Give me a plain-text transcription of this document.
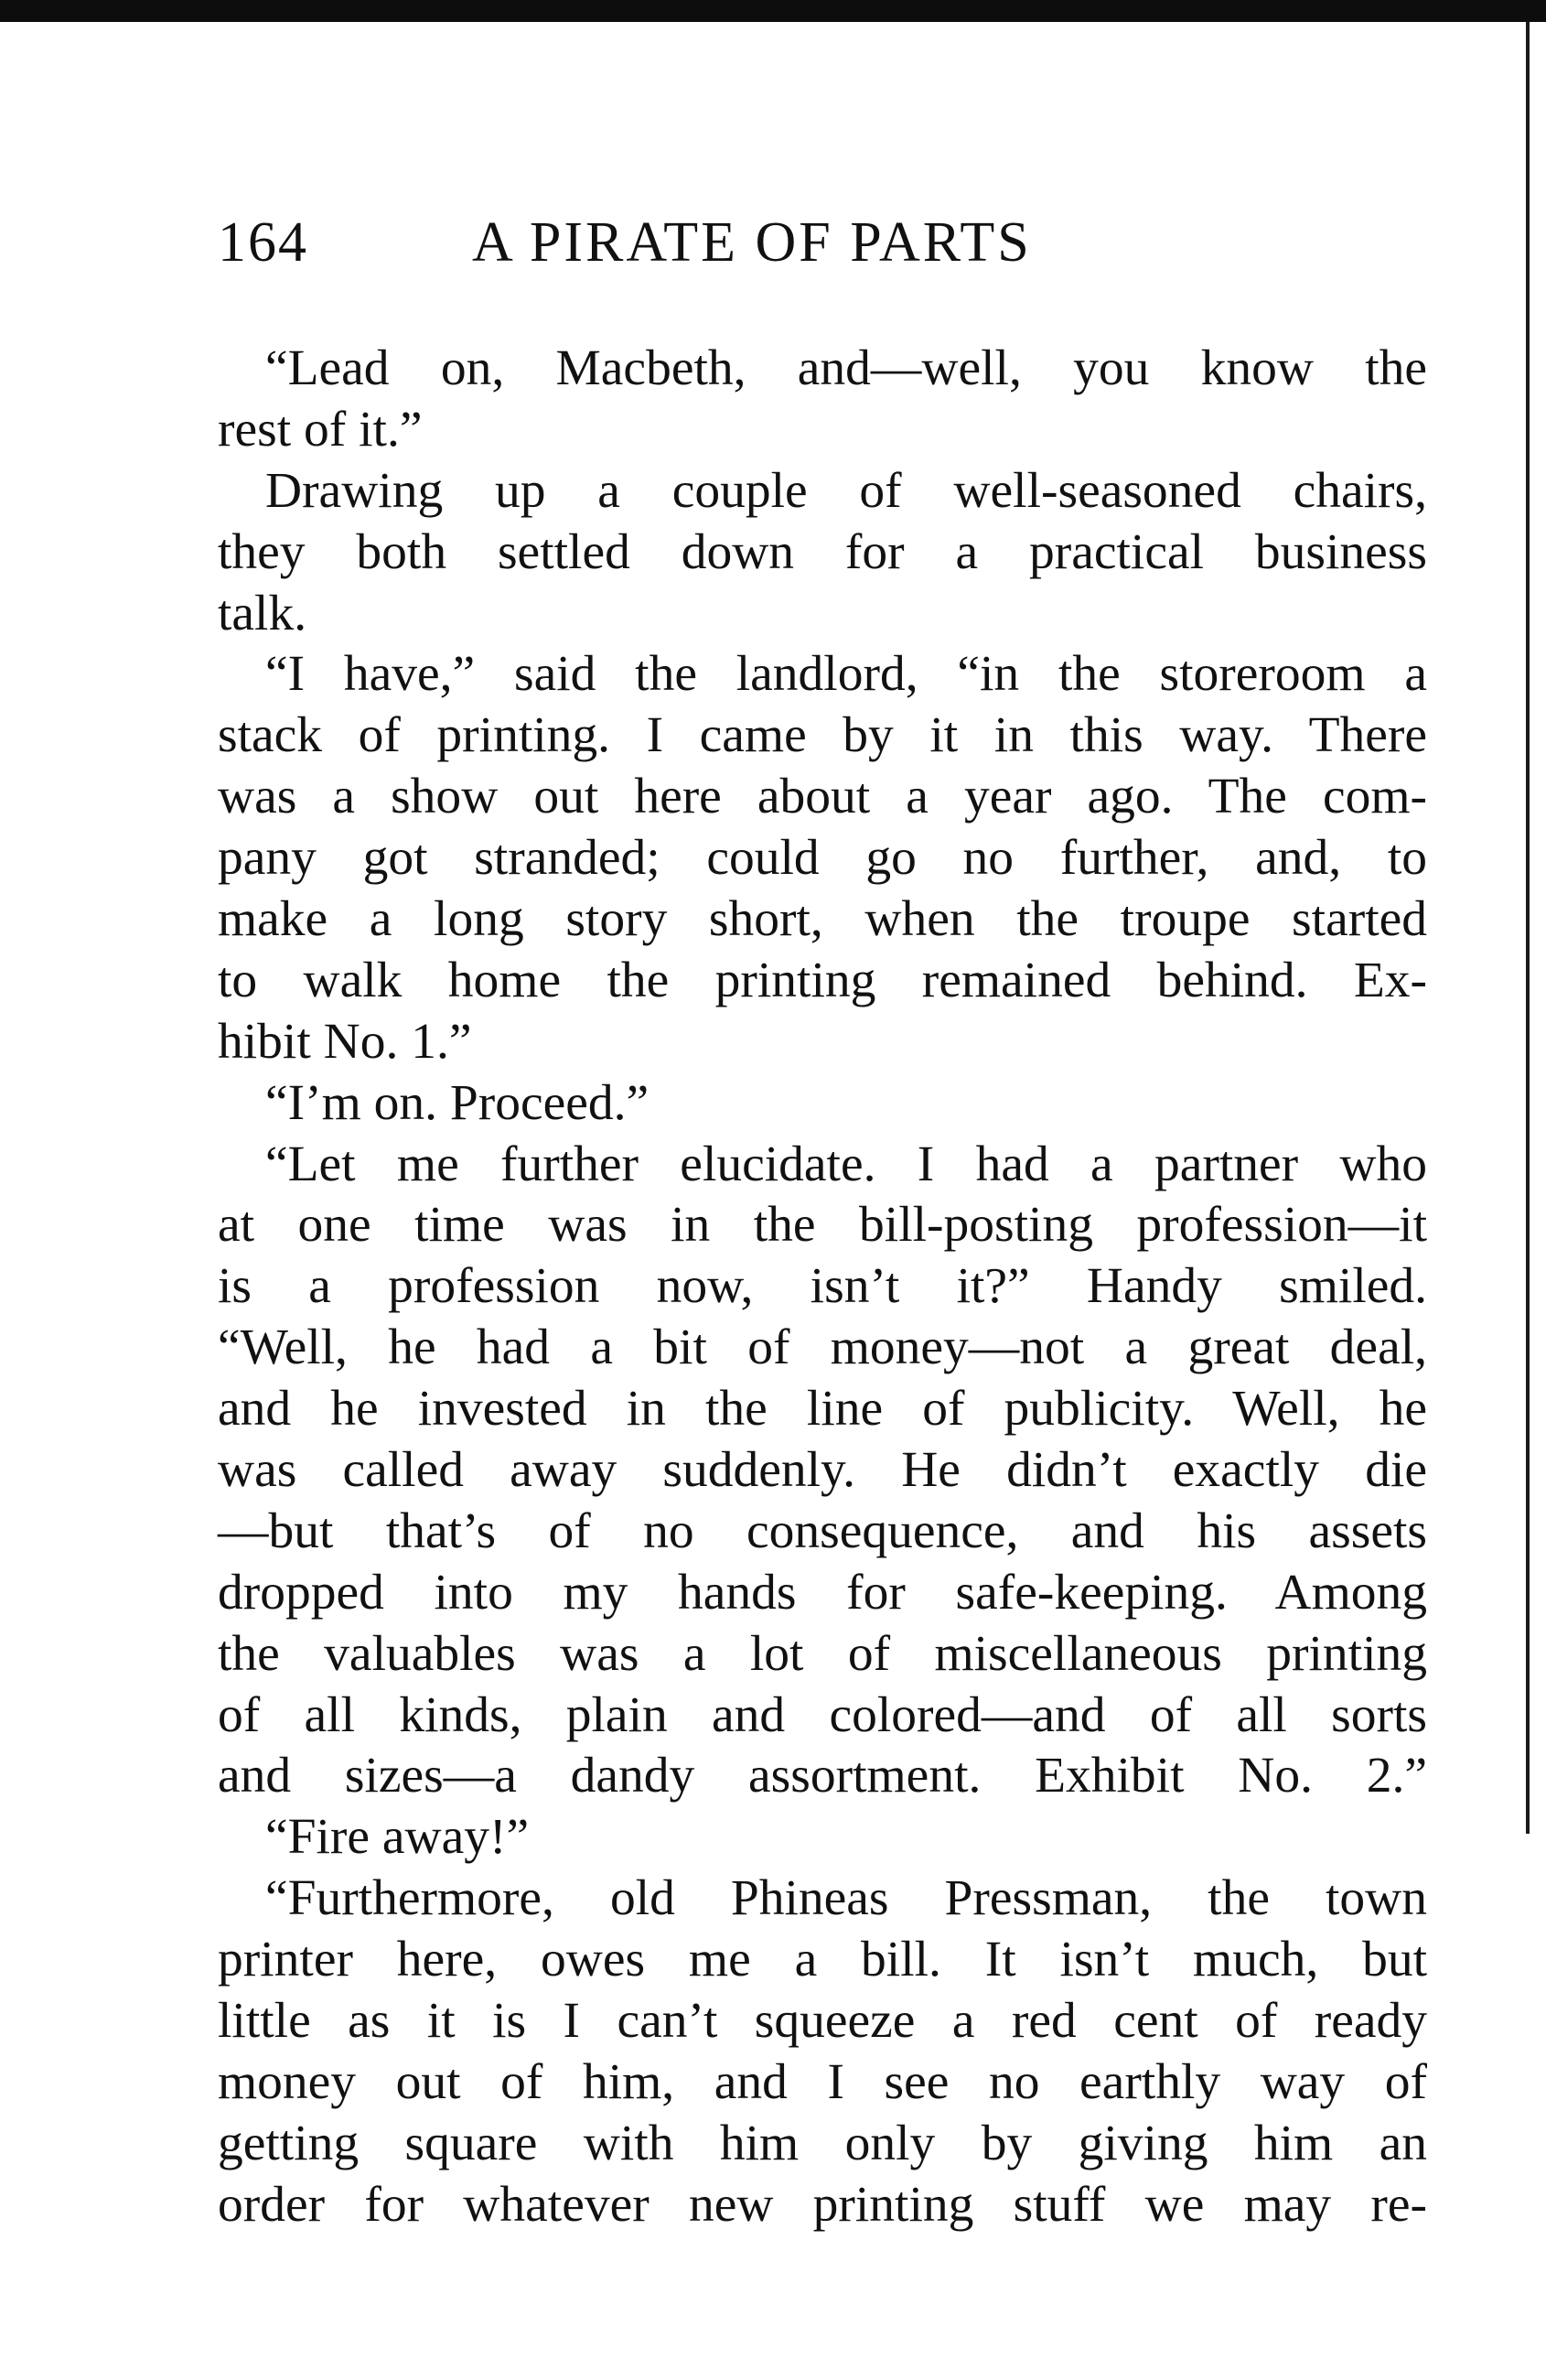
164	A PIRATE OF PARTS
“Lead on, Macbeth, and—well, you know the
rest of it.”
Drawing up a couple of well-seasoned chairs,
they both settled down for a practical business
talk.
“I have,” said the landlord, “in the storeroom a
stack of printing. I came by it in this way. There
was a show out here about a year ago. The com-
pany got stranded; could go no further, and, to
make a long story short, when the troupe started
to walk home the printing remained behind. Ex-
hibit No. 1.”
“I’m on. Proceed.”
“Let me further elucidate. I had a partner who
at one time was in the bill-posting profession—it
is a profession now, isn’t it?” Handy smiled.
“Well, he had a bit of money—not a great deal,
and he invested in the line of publicity. Well, he
was called away suddenly. He didn’t exactly die
—but that’s of no consequence, and his assets
dropped into my hands for safe-keeping. Among
the valuables was a lot of miscellaneous printing
of all kinds, plain and colored—and of all sorts
and sizes—a dandy assortment. Exhibit No. 2.”
“Fire away!”
“Furthermore, old Phineas Pressman, the town
printer here, owes me a bill. It isn’t much, but
little as it is I can’t squeeze a red cent of ready
money out of him, and I see no earthly way of
getting square with him only by giving him an
order for whatever new printing stuff we may re-
